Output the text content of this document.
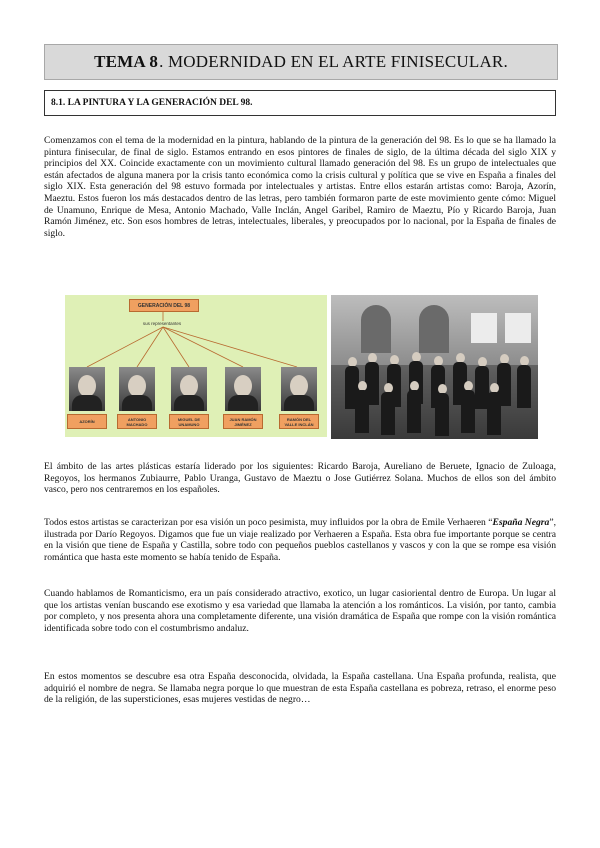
TEMA 8 . MODERNIDAD EN EL ARTE FINISECULAR.
8.1. LA PINTURA Y LA GENERACIÓN DEL 98.

Comenzamos con el tema de la modernidad en la pintura, hablando de la pintura de la generación del 98. Es lo que se ha llamado la pintura finisecular, de final de siglo. Estamos entrando en esos pintores de finales de siglo, de la última década del siglo XIX y principios del XX. Coincide exactamente con un movimiento cultural llamado generación del 98. Es un grupo de intelectuales que están afectados de alguna manera por la crisis tanto económica como la crisis cultural y política que se vive en España a finales del siglo XIX. Esta generación del 98 estuvo formada por intelectuales y artistas. Entre ellos estarán artistas como: Baroja, Azorín, Maeztu. Estos fueron los más destacados dentro de las letras, pero también formaron parte de este movimiento gente cómo: Miguel de Unamuno, Enrique de Mesa, Antonio Machado, Valle Inclán, Angel Garibel, Ramiro de Maeztu, Pío y Ricardo Baroja, Juan Ramón Jiménez, etc. Son esos hombres de letras, intelectuales, liberales, y preocupados por lo nacional, por la España de finales de siglo.

GENERACIÓN DEL 98
sus representantes
AZORÍN	ANTONIO MACHADO
MIGUEL DE UNAMUNO
JUAN RAMÓN JIMÉNEZ
RAMÓN DEL VALLE INCLÁN

El ámbito de las artes plásticas estaría liderado por los siguientes: Ricardo Baroja, Aureliano de Beruete, Ignacio de Zuloaga, Regoyos, los hermanos Zubiaurre, Pablo Uranga, Gustavo de Maeztu o Jose Gutiérrez Solana. Muchos de ellos son del ámbito vasco, pero nos centraremos en los españoles.

Todos estos artistas se caracterizan por esa visión un poco pesimista, muy influidos por la obra de Emile Verhaeren “España Negra”, ilustrada por Darío Regoyos. Digamos que fue un viaje realizado por Verhaeren a España. Esta obra fue importante porque se centra en la visión que tiene de España y Castilla, sobre todo con pequeños pueblos castellanos y vascos y con la que se rompe esa visión romántica que hasta este momento se había tenido de España.

Cuando hablamos de Romanticismo, era un país considerado atractivo, exotico, un lugar casioriental dentro de Europa. Un lugar al que los artistas venían buscando ese exotismo y esa variedad que llamaba la atención a los románticos. La visión, por tanto, cambia por completo, y nos presenta ahora una completamente diferente, una visión dramática de España que rompe con la visión romántica identificada sobre todo con el costumbrismo andaluz.

En estos momentos se descubre esa otra España desconocida, olvidada, la España castellana. Una España profunda, realista, que adquirió el nombre de negra. Se llamaba negra porque lo que muestran de esta España castellana es pobreza, retraso, el enorme peso de la religión, de las supersticiones, esas mujeres vestidas de negro…
